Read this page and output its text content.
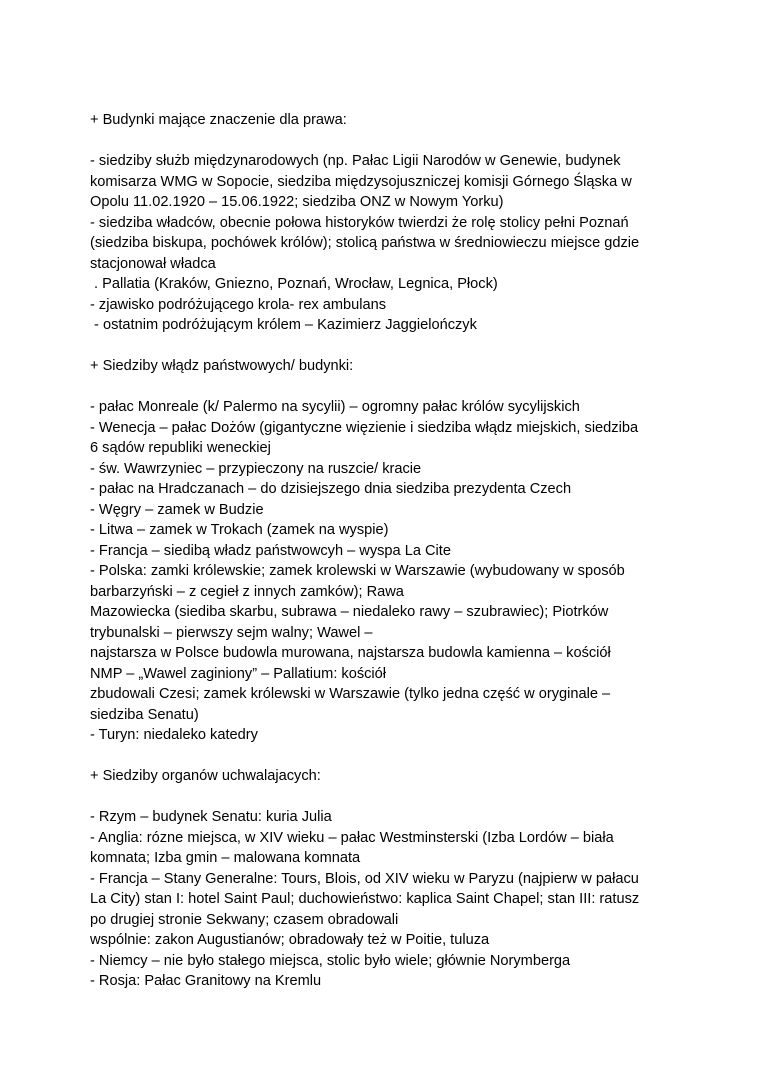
+ Budynki mające znaczenie dla prawa:
- siedziby służb międzynarodowych (np. Pałac Ligii Narodów w Genewie, budynek
komisarza WMG w Sopocie, siedziba międzysojuszniczej komisji Górnego Śląska w
Opolu 11.02.1920 – 15.06.1922; siedziba ONZ w Nowym Yorku)
- siedziba władców, obecnie połowa historyków twierdzi że rolę stolicy pełni Poznań
(siedziba biskupa, pochówek królów); stolicą państwa w średniowieczu miejsce gdzie
stacjonował władca
. Pallatia (Kraków, Gniezno, Poznań, Wrocław, Legnica, Płock)
- zjawisko podróżującego krola- rex ambulans
- ostatnim podróżującym królem – Kazimierz Jaggielończyk
+ Siedziby włądz państwowych/ budynki:
- pałac Monreale (k/ Palermo na sycylii) – ogromny pałac królów sycylijskich
- Wenecja – pałac Dożów (gigantyczne więzienie i siedziba włądz miejskich, siedziba
6 sądów republiki weneckiej
- św. Wawrzyniec – przypieczony na ruszcie/ kracie
- pałac na Hradczanach – do dzisiejszego dnia siedziba prezydenta Czech
- Węgry – zamek w Budzie
- Litwa – zamek w Trokach (zamek na wyspie)
- Francja – siedibą władz państwowcyh – wyspa La Cite
- Polska: zamki królewskie; zamek krolewski w Warszawie (wybudowany w sposób
barbarzyński – z cegieł z innych zamków); Rawa
Mazowiecka (siediba skarbu, subrawa – niedaleko rawy – szubrawiec); Piotrków
trybunalski – pierwszy sejm walny; Wawel –
najstarsza w Polsce budowla murowana, najstarsza budowla kamienna – kościół
NMP – „Wawel zaginiony” – Pallatium: kościół
zbudowali Czesi; zamek królewski w Warszawie (tylko jedna część w oryginale –
siedziba Senatu)
- Turyn: niedaleko katedry
+ Siedziby organów uchwalajacych:
- Rzym – budynek Senatu: kuria Julia
- Anglia: rózne miejsca, w XIV wieku – pałac Westminsterski (Izba Lordów – biała
komnata; Izba gmin – malowana komnata
- Francja – Stany Generalne: Tours, Blois, od XIV wieku w Paryzu (najpierw w pałacu
La City) stan I: hotel Saint Paul; duchowieństwo: kaplica Saint Chapel; stan III: ratusz
po drugiej stronie Sekwany; czasem obradowali
wspólnie: zakon Augustianów; obradowały też w Poitie, tuluza
- Niemcy – nie było stałego miejsca, stolic było wiele; głównie Norymberga
- Rosja: Pałac Granitowy na Kremlu
